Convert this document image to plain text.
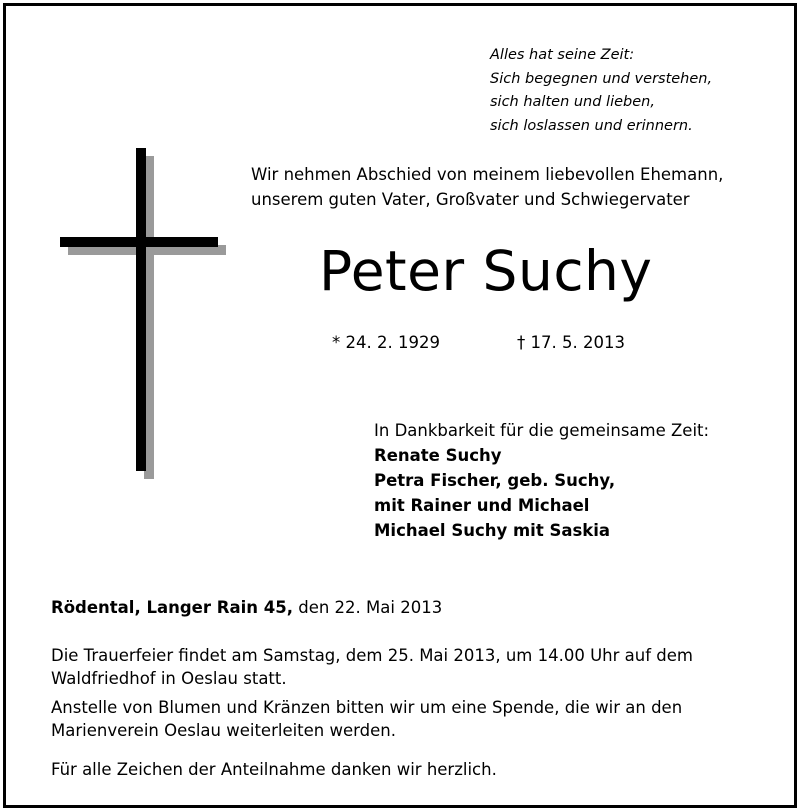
Alles hat seine Zeit:
Sich begegnen und verstehen,
sich halten und lieben,
sich loslassen und erinnern.
Wir nehmen Abschied von meinem liebevollen Ehemann,
unserem guten Vater, Großvater und Schwiegervater
Peter Suchy
* 24. 2. 1929	† 17. 5. 2013
In Dankbarkeit für die gemeinsame Zeit:
Renate Suchy
Petra Fischer, geb. Suchy,
mit Rainer und Michael
Michael Suchy mit Saskia
Rödental, Langer Rain 45, den 22. Mai 2013
Die Trauerfeier findet am Samstag, dem 25. Mai 2013, um 14.00 Uhr auf dem
Waldfriedhof in Oeslau statt.
Anstelle von Blumen und Kränzen bitten wir um eine Spende, die wir an den
Marienverein Oeslau weiterleiten werden.
Für alle Zeichen der Anteilnahme danken wir herzlich.
